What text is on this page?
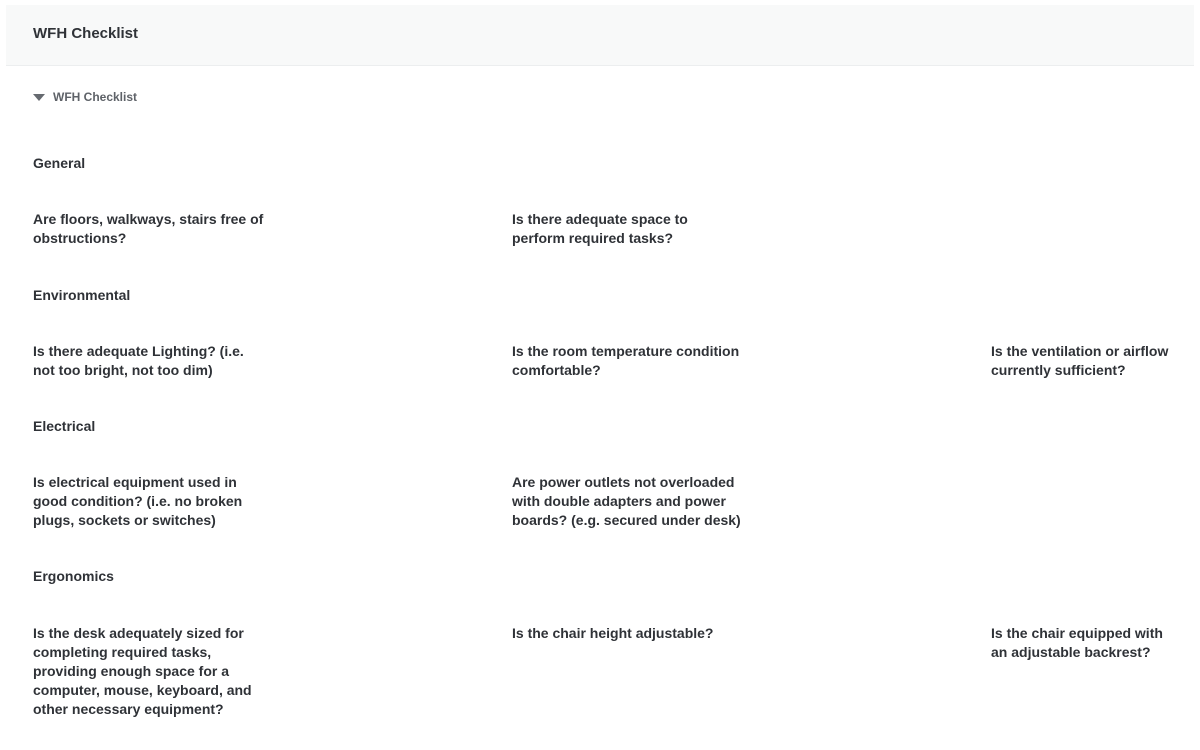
WFH Checklist
WFH Checklist
General
Are floors, walkways, stairs free of obstructions?
Is there adequate space to perform required tasks?
Environmental
Is there adequate Lighting? (i.e. not too bright, not too dim)
Is the room temperature condition comfortable?
Is the ventilation or airflow currently sufficient?
Electrical
Is electrical equipment used in good condition? (i.e. no broken plugs, sockets or switches)
Are power outlets not overloaded with double adapters and power boards? (e.g. secured under desk)
Ergonomics
Is the desk adequately sized for completing required tasks, providing enough space for a computer, mouse, keyboard, and other necessary equipment?
Is the chair height adjustable?	Is the chair equipped with an adjustable backrest?
